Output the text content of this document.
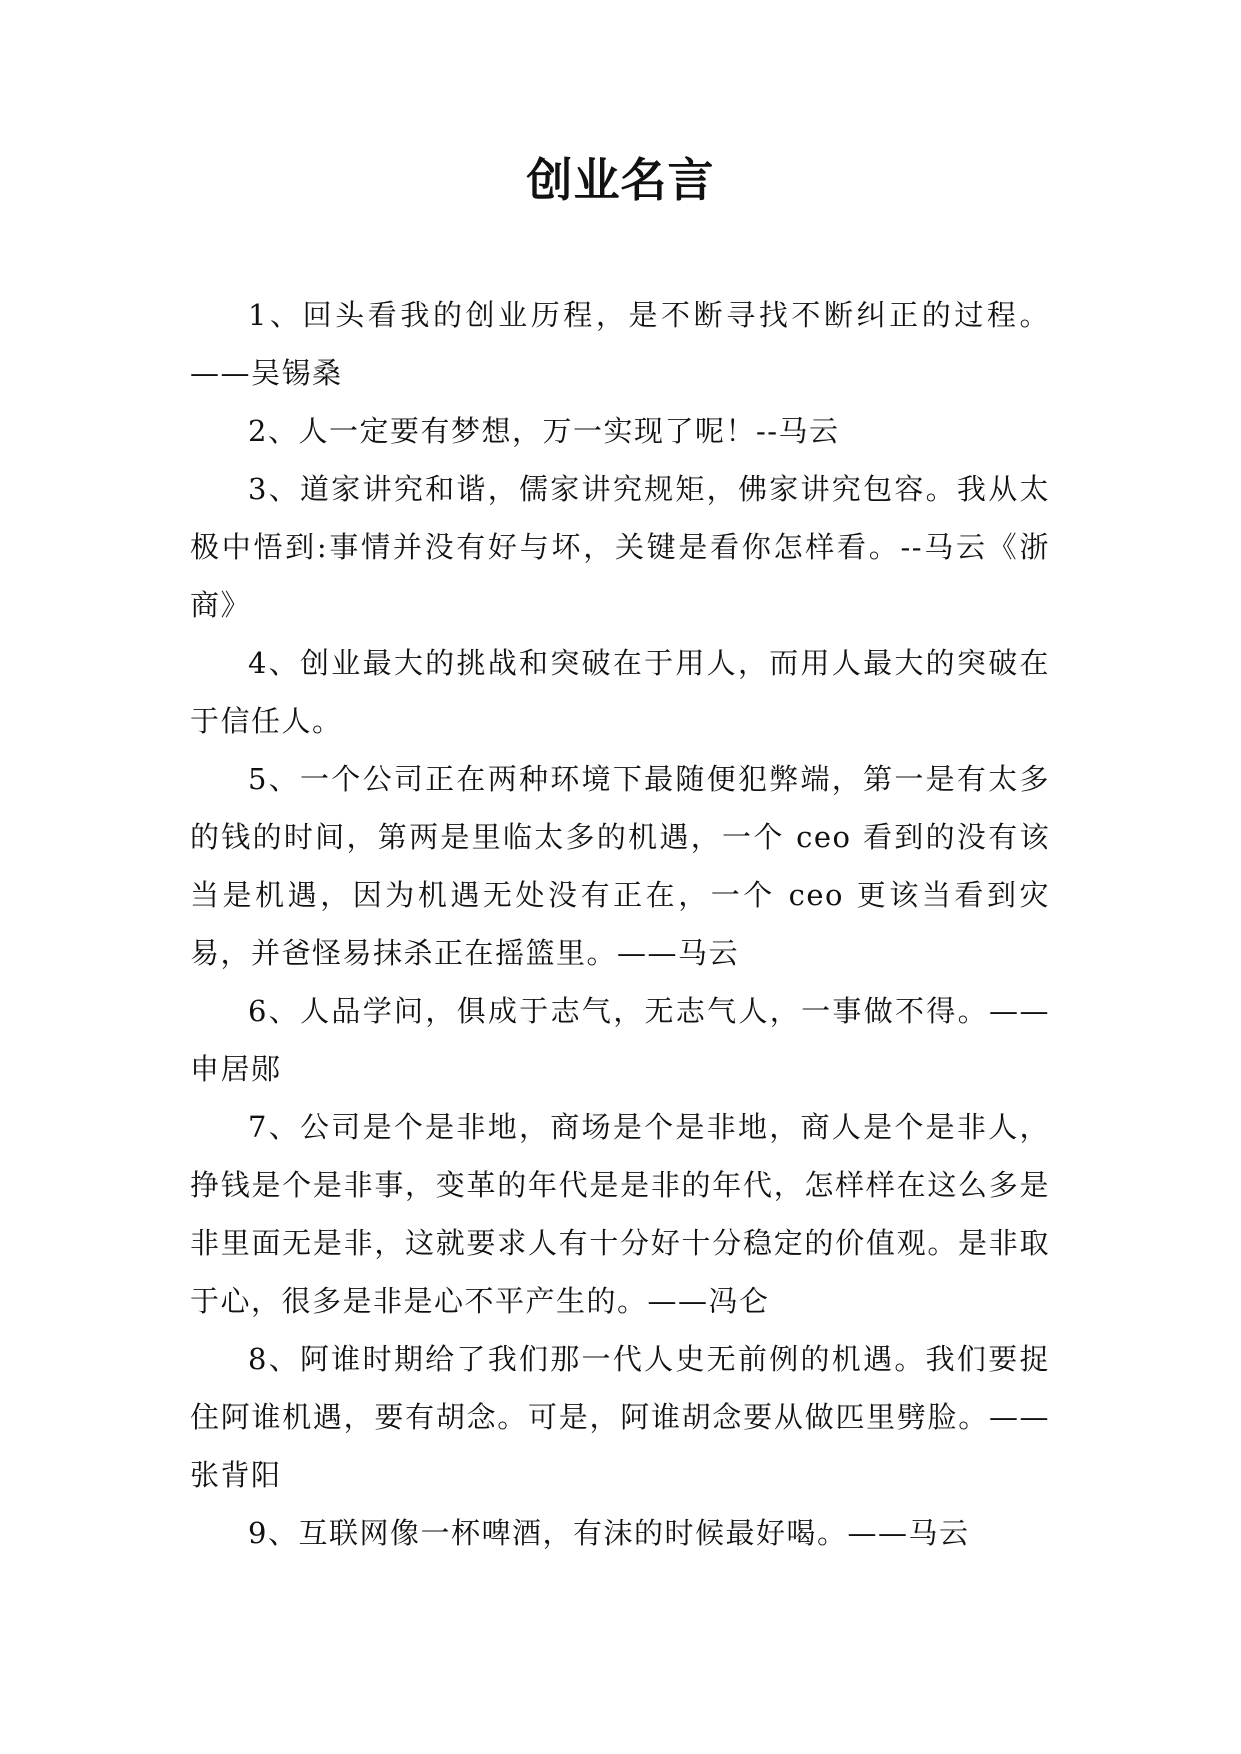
创业名言

1、回头看我的创业历程，是不断寻找不断纠正的过程。——吴锡桑

2、人一定要有梦想，万一实现了呢！--马云

3、道家讲究和谐，儒家讲究规矩，佛家讲究包容。我从太极中悟到:事情并没有好与坏，关键是看你怎样看。--马云《浙商》

4、创业最大的挑战和突破在于用人，而用人最大的突破在于信任人。

5、一个公司正在两种环境下最随便犯弊端，第一是有太多的钱的时间，第两是里临太多的机遇，一个 ceo 看到的没有该当是机遇，因为机遇无处没有正在，一个 ceo 更该当看到灾易，并爸怪易抹杀正在摇篮里。——马云

6、人品学问，俱成于志气，无志气人，一事做不得。——申居郧

7、公司是个是非地，商场是个是非地，商人是个是非人，挣钱是个是非事，变革的年代是是非的年代，怎样样在这么多是非里面无是非，这就要求人有十分好十分稳定的价值观。是非取于心，很多是非是心不平产生的。——冯仑

8、阿谁时期给了我们那一代人史无前例的机遇。我们要捉住阿谁机遇，要有胡念。可是，阿谁胡念要从做匹里劈脸。——张背阳

9、互联网像一杯啤酒，有沫的时候最好喝。——马云
